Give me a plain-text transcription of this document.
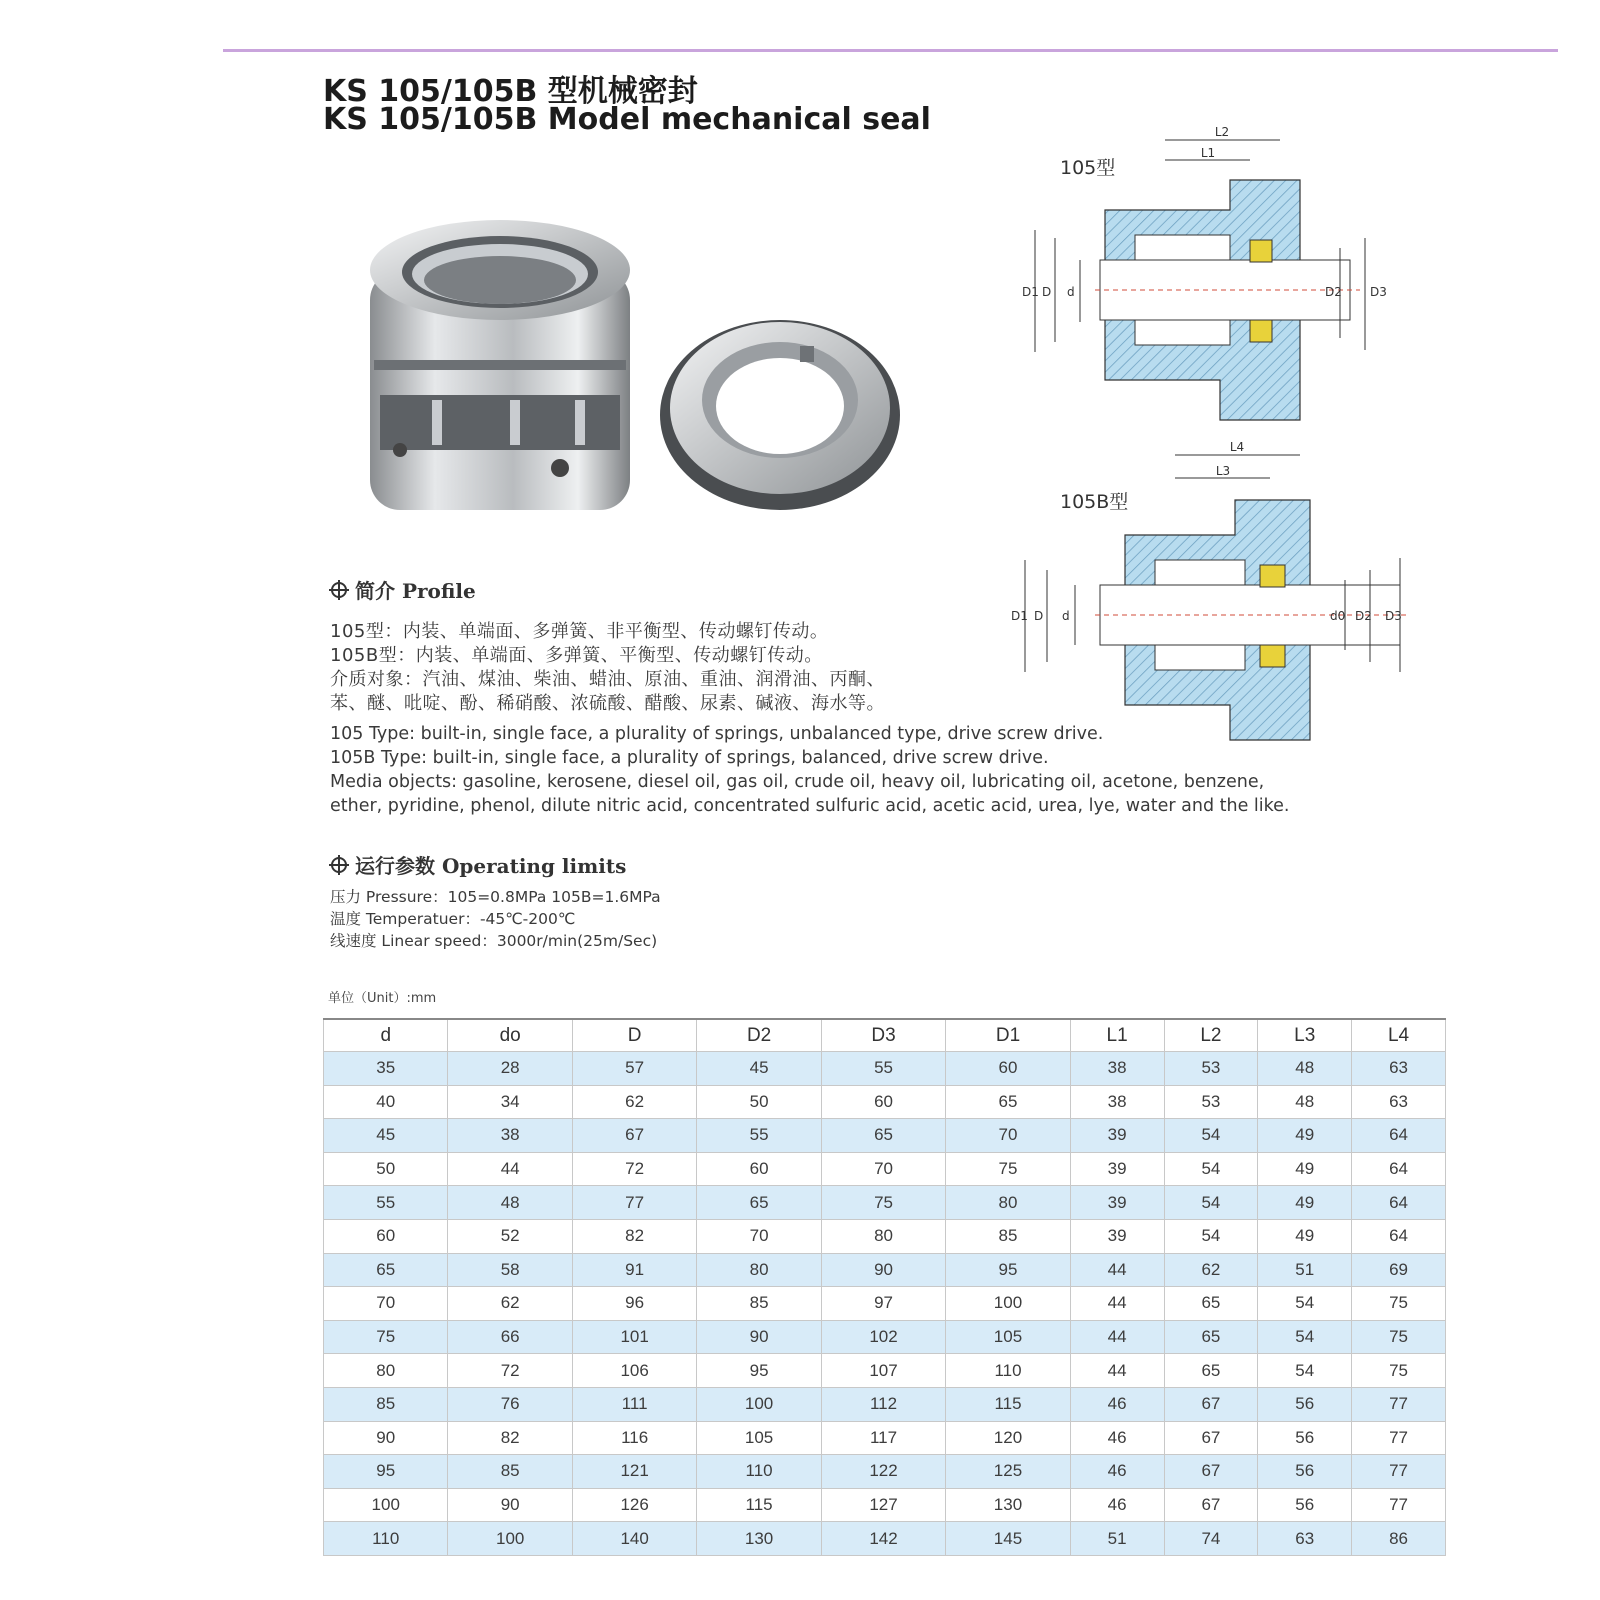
KS 105/105B 型机械密封
KS 105/105B Model mechanical seal
105型
L2
L1
D1 D d	D2 D3
105B型
L4
L3
D1 D d	d0 D2 D3
简介 Profile
105型：内装、单端面、多弹簧、非平衡型、传动螺钉传动。
105B型：内装、单端面、多弹簧、平衡型、传动螺钉传动。
介质对象：汽油、煤油、柴油、蜡油、原油、重油、润滑油、丙酮、
苯、醚、吡啶、酚、稀硝酸、浓硫酸、醋酸、尿素、碱液、海水等。
105 Type: built-in, single face, a plurality of springs, unbalanced type, drive screw drive.
105B Type: built-in, single face, a plurality of springs, balanced, drive screw drive.
Media objects: gasoline, kerosene, diesel oil, gas oil, crude oil, heavy oil, lubricating oil, acetone, benzene,
ether, pyridine, phenol, dilute nitric acid, concentrated sulfuric acid, acetic acid, urea, lye, water and the like.
运行参数 Operating limits
压力 Pressure：105=0.8MPa 105B=1.6MPa
温度 Temperatuer：-45℃-200℃
线速度 Linear speed：3000r/min(25m/Sec)
单位（Unit）:mm
d	do	D	D2	D3	D1	L1	L2	L3	L4
35	28	57	45	55	60	38	53	48	63
40	34	62	50	60	65	38	53	48	63
45	38	67	55	65	70	39	54	49	64
50	44	72	60	70	75	39	54	49	64
55	48	77	65	75	80	39	54	49	64
60	52	82	70	80	85	39	54	49	64
65	58	91	80	90	95	44	62	51	69
70	62	96	85	97	100	44	65	54	75
75	66	101	90	102	105	44	65	54	75
80	72	106	95	107	110	44	65	54	75
85	76	111	100	112	115	46	67	56	77
90	82	116	105	117	120	46	67	56	77
95	85	121	110	122	125	46	67	56	77
100	90	126	115	127	130	46	67	56	77
110	100	140	130	142	145	51	74	63	86
